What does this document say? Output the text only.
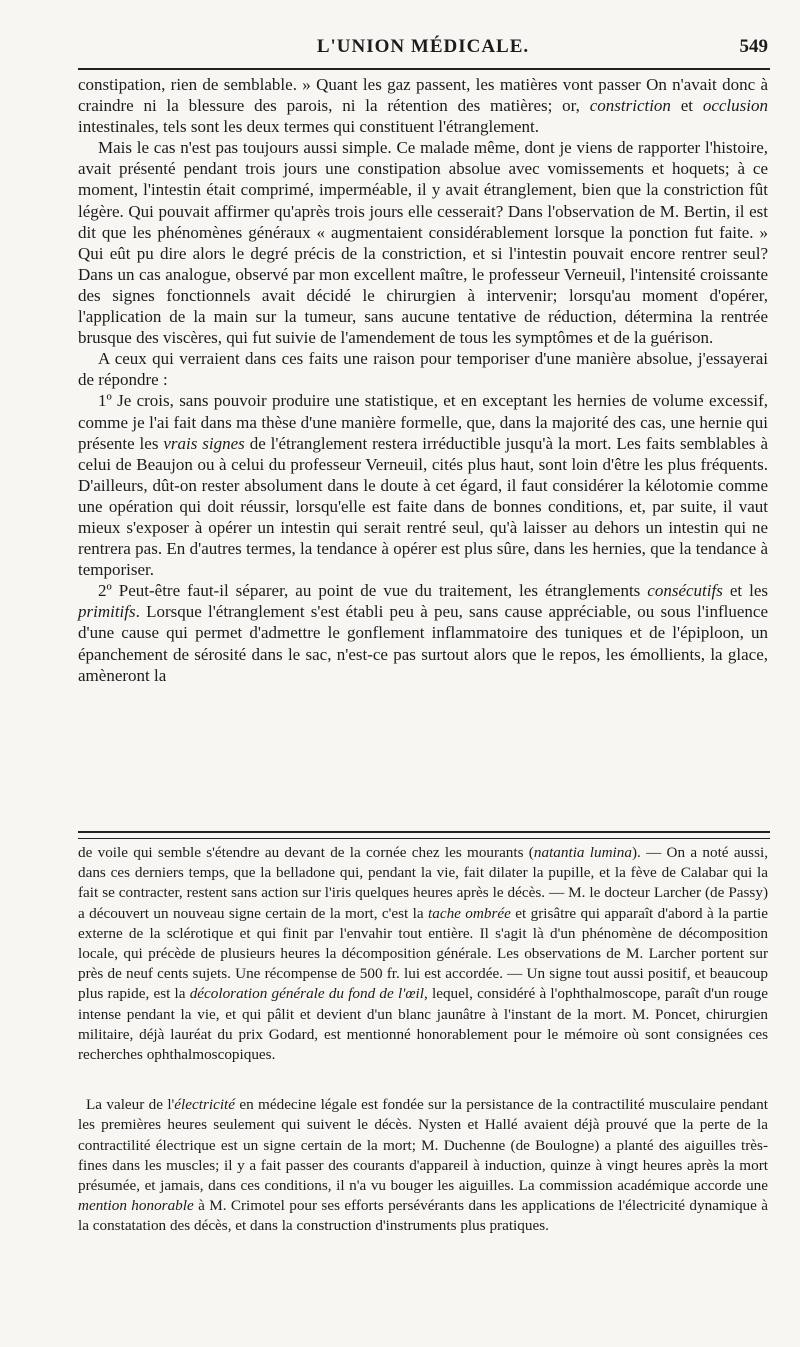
L'UNION MÉDICALE.	549

constipation, rien de semblable. » Quant les gaz passent, les matières vont passer On n'avait donc à craindre ni la blessure des parois, ni la rétention des matières; or, constriction et occlusion intestinales, tels sont les deux termes qui constituent l'étranglement.

Mais le cas n'est pas toujours aussi simple. Ce malade même, dont je viens de rapporter l'histoire, avait présenté pendant trois jours une constipation absolue avec vomissements et hoquets; à ce moment, l'intestin était comprimé, imperméable, il y avait étranglement, bien que la constriction fût légère. Qui pouvait affirmer qu'après trois jours elle cesserait? Dans l'observation de M. Bertin, il est dit que les phénomènes généraux « augmentaient considérablement lorsque la ponction fut faite. » Qui eût pu dire alors le degré précis de la constriction, et si l'intestin pouvait encore rentrer seul? Dans un cas analogue, observé par mon excellent maître, le professeur Verneuil, l'intensité croissante des signes fonctionnels avait décidé le chirurgien à intervenir; lorsqu'au moment d'opérer, l'application de la main sur la tumeur, sans aucune tentative de réduction, détermina la rentrée brusque des viscères, qui fut suivie de l'amendement de tous les symptômes et de la guérison.

A ceux qui verraient dans ces faits une raison pour temporiser d'une manière absolue, j'essayerai de répondre :

1º Je crois, sans pouvoir produire une statistique, et en exceptant les hernies de volume excessif, comme je l'ai fait dans ma thèse d'une manière formelle, que, dans la majorité des cas, une hernie qui présente les vrais signes de l'étranglement restera irréductible jusqu'à la mort. Les faits semblables à celui de Beaujon ou à celui du professeur Verneuil, cités plus haut, sont loin d'être les plus fréquents. D'ailleurs, dût-on rester absolument dans le doute à cet égard, il faut considérer la kélotomie comme une opération qui doit réussir, lorsqu'elle est faite dans de bonnes conditions, et, par suite, il vaut mieux s'exposer à opérer un intestin qui serait rentré seul, qu'à laisser au dehors un intestin qui ne rentrera pas. En d'autres termes, la tendance à opérer est plus sûre, dans les hernies, que la tendance à temporiser.

2º Peut-être faut-il séparer, au point de vue du traitement, les étranglements consécutifs et les primitifs. Lorsque l'étranglement s'est établi peu à peu, sans cause appréciable, ou sous l'influence d'une cause qui permet d'admettre le gonflement inflammatoire des tuniques et de l'épiploon, un épanchement de sérosité dans le sac, n'est-ce pas surtout alors que le repos, les émollients, la glace, amèneront la

de voile qui semble s'étendre au devant de la cornée chez les mourants (natantia lumina). — On a noté aussi, dans ces derniers temps, que la belladone qui, pendant la vie, fait dilater la pupille, et la fève de Calabar qui la fait se contracter, restent sans action sur l'iris quelques heures après le décès. — M. le docteur Larcher (de Passy) a découvert un nouveau signe certain de la mort, c'est la tache ombrée et grisâtre qui apparaît d'abord à la partie externe de la sclérotique et qui finit par l'envahir tout entière. Il s'agit là d'un phénomène de décomposition locale, qui précède de plusieurs heures la décomposition générale. Les observations de M. Larcher portent sur près de neuf cents sujets. Une récompense de 500 fr. lui est accordée. — Un signe tout aussi positif, et beaucoup plus rapide, est la décoloration générale du fond de l'œil, lequel, considéré à l'ophthalmoscope, paraît d'un rouge intense pendant la vie, et qui pâlit et devient d'un blanc jaunâtre à l'instant de la mort. M. Poncet, chirurgien militaire, déjà lauréat du prix Godard, est mentionné honorablement pour le mémoire où sont consignées ces recherches ophthalmoscopiques.

La valeur de l'électricité en médecine légale est fondée sur la persistance de la contractilité musculaire pendant les premières heures seulement qui suivent le décès. Nysten et Hallé avaient déjà prouvé que la perte de la contractilité électrique est un signe certain de la mort; M. Duchenne (de Boulogne) a planté des aiguilles très-fines dans les muscles; il y a fait passer des courants d'appareil à induction, quinze à vingt heures après la mort présumée, et jamais, dans ces conditions, il n'a vu bouger les aiguilles. La commission académique accorde une mention honorable à M. Crimotel pour ses efforts persévérants dans les applications de l'électricité dynamique à la constatation des décès, et dans la construction d'instruments plus pratiques.
